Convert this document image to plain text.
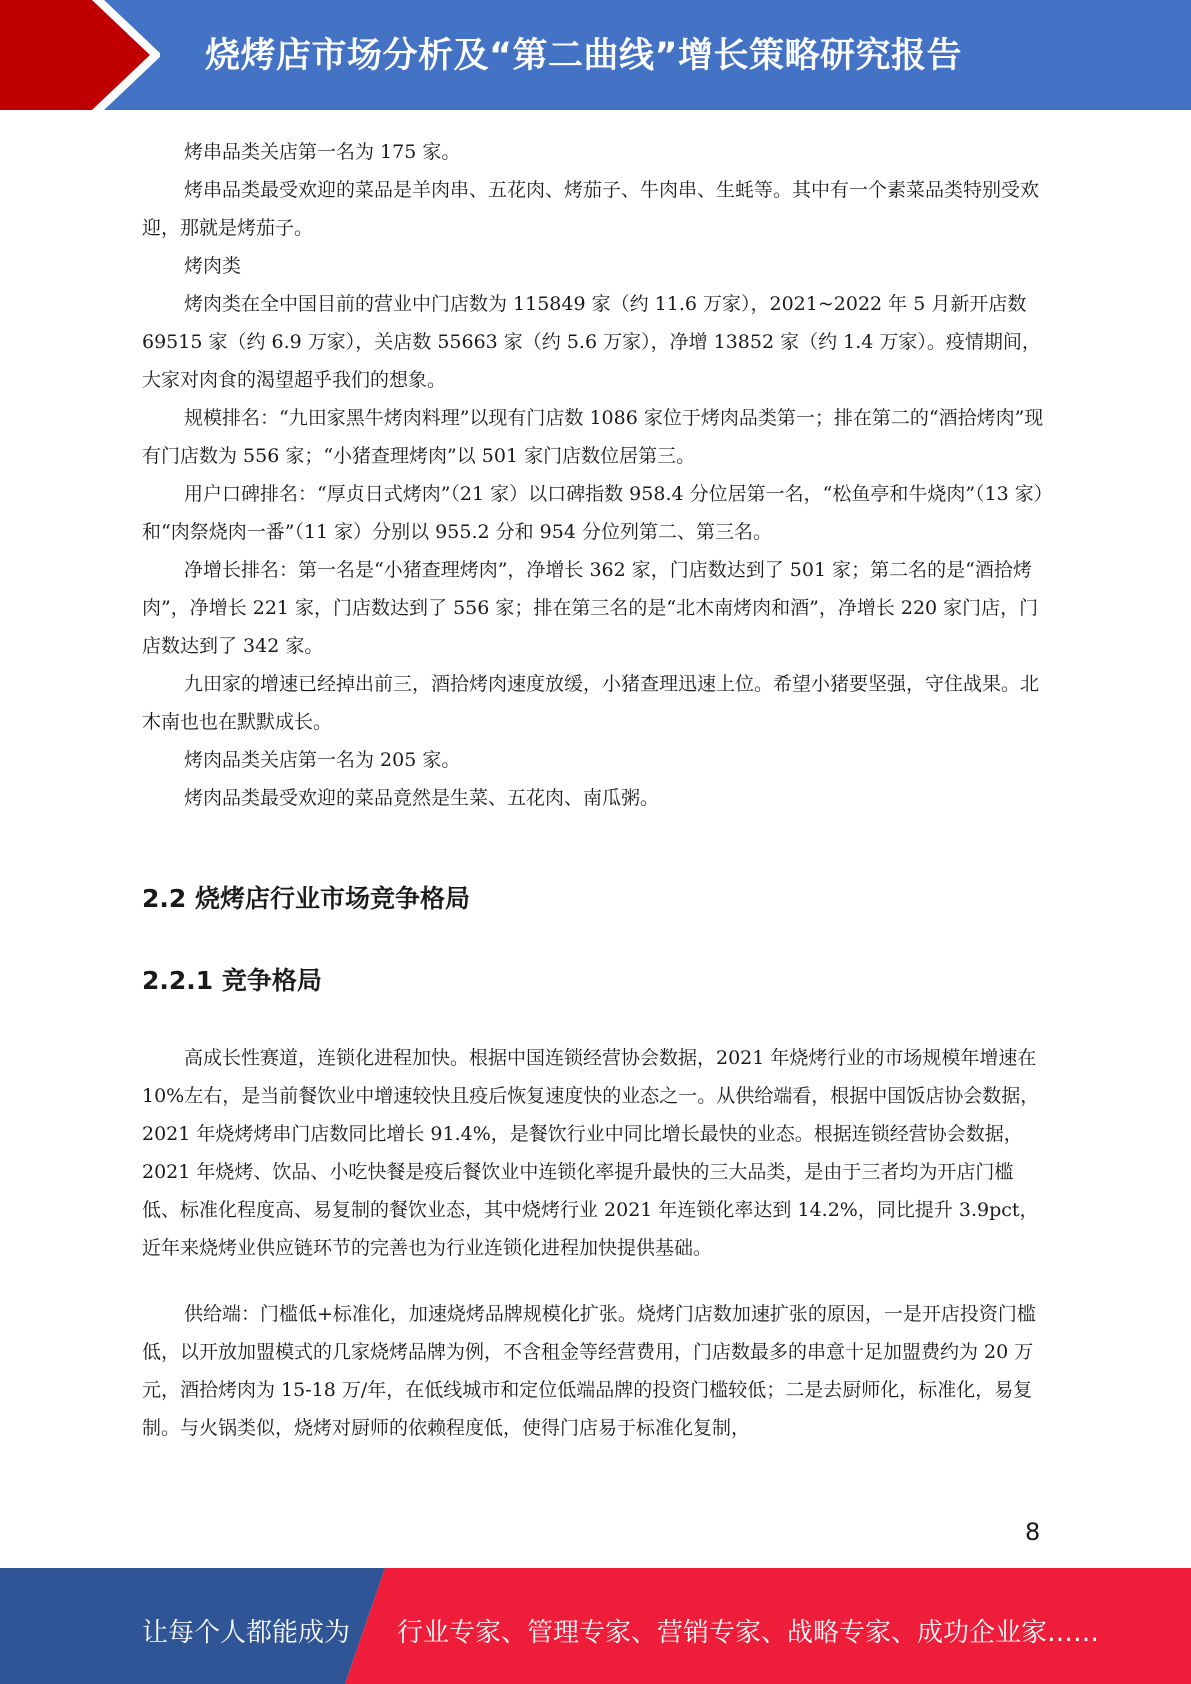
烧烤店市场分析及“第二曲线”增长策略研究报告

烤串品类关店第一名为 175 家。

烤串品类最受欢迎的菜品是羊肉串、五花肉、烤茄子、牛肉串、生蚝等。其中有一个素菜品类特别受欢迎，那就是烤茄子。

烤肉类

烤肉类在全中国目前的营业中门店数为 115849 家（约 11.6 万家），2021~2022 年 5 月新开店数 69515 家（约 6.9 万家），关店数 55663 家（约 5.6 万家），净增 13852 家（约 1.4 万家）。疫情期间，大家对肉食的渴望超乎我们的想象。

规模排名：“九田家黑牛烤肉料理”以现有门店数 1086 家位于烤肉品类第一；排在第二的“酒拾烤肉”现有门店数为 556 家；“小猪查理烤肉”以 501 家门店数位居第三。

用户口碑排名：“厚贞日式烤肉”（21 家）以口碑指数 958.4 分位居第一名，“松鱼亭和牛烧肉”（13 家）和“肉祭烧肉一番”（11 家）分别以 955.2 分和 954 分位列第二、第三名。

净增长排名：第一名是“小猪查理烤肉”，净增长 362 家，门店数达到了 501 家；第二名的是“酒拾烤肉”，净增长 221 家，门店数达到了 556 家；排在第三名的是“北木南烤肉和酒”，净增长 220 家门店，门店数达到了 342 家。

九田家的增速已经掉出前三，酒拾烤肉速度放缓，小猪查理迅速上位。希望小猪要坚强，守住战果。北木南也也在默默成长。

烤肉品类关店第一名为 205 家。

烤肉品类最受欢迎的菜品竟然是生菜、五花肉、南瓜粥。

2.2 烧烤店行业市场竞争格局
2.2.1 竞争格局

高成长性赛道，连锁化进程加快。根据中国连锁经营协会数据，2021 年烧烤行业的市场规模年增速在 10%左右，是当前餐饮业中增速较快且疫后恢复速度快的业态之一。从供给端看，根据中国饭店协会数据，2021 年烧烤烤串门店数同比增长 91.4%，是餐饮行业中同比增长最快的业态。根据连锁经营协会数据，2021 年烧烤、饮品、小吃快餐是疫后餐饮业中连锁化率提升最快的三大品类，是由于三者均为开店门槛低、标准化程度高、易复制的餐饮业态，其中烧烤行业 2021 年连锁化率达到 14.2%，同比提升 3.9pct，近年来烧烤业供应链环节的完善也为行业连锁化进程加快提供基础。

供给端：门槛低+标准化，加速烧烤品牌规模化扩张。烧烤门店数加速扩张的原因，一是开店投资门槛低，以开放加盟模式的几家烧烤品牌为例，不含租金等经营费用，门店数最多的串意十足加盟费约为 20 万元，酒拾烤肉为 15-18 万/年，在低线城市和定位低端品牌的投资门槛较低；二是去厨师化，标准化，易复制。与火锅类似，烧烤对厨师的依赖程度低，使得门店易于标准化复制，

8
让每个人都能成为 行业专家、管理专家、营销专家、战略专家、成功企业家……
